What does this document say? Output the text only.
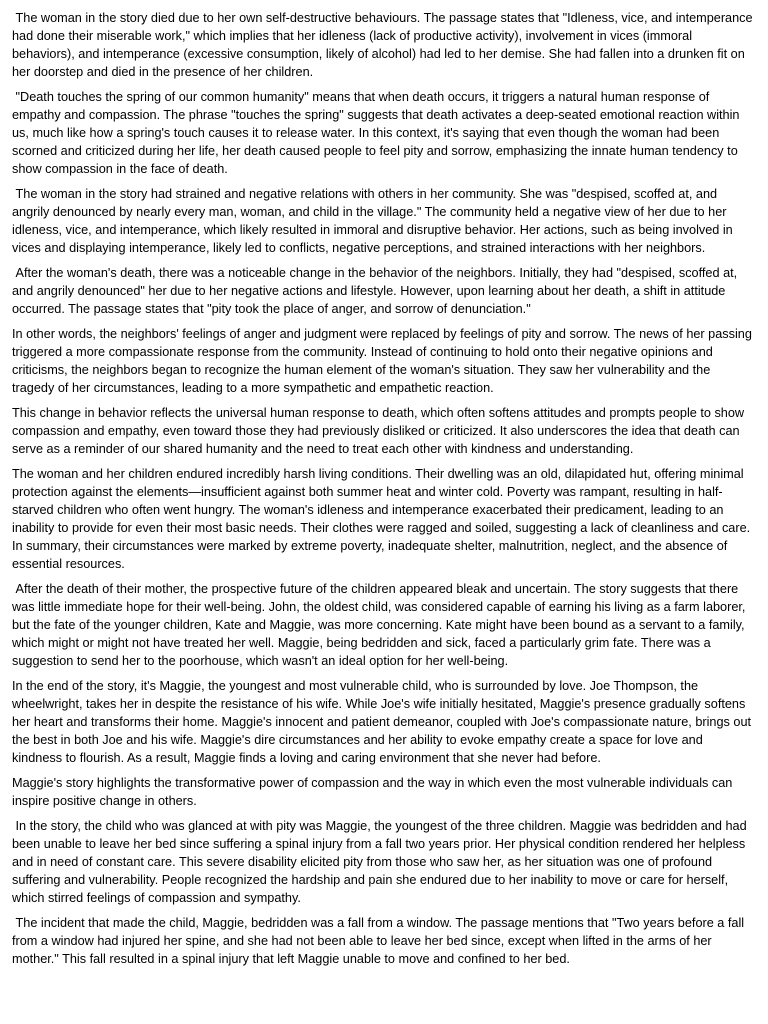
The woman in the story died due to her own self-destructive behaviours. The passage states that "Idleness, vice, and intemperance had done their miserable work," which implies that her idleness (lack of productive activity), involvement in vices (immoral behaviors), and intemperance (excessive consumption, likely of alcohol) had led to her demise. She had fallen into a drunken fit on her doorstep and died in the presence of her children.

"Death touches the spring of our common humanity" means that when death occurs, it triggers a natural human response of empathy and compassion. The phrase "touches the spring" suggests that death activates a deep-seated emotional reaction within us, much like how a spring's touch causes it to release water. In this context, it's saying that even though the woman had been scorned and criticized during her life, her death caused people to feel pity and sorrow, emphasizing the innate human tendency to show compassion in the face of death.

The woman in the story had strained and negative relations with others in her community. She was "despised, scoffed at, and angrily denounced by nearly every man, woman, and child in the village." The community held a negative view of her due to her idleness, vice, and intemperance, which likely resulted in immoral and disruptive behavior. Her actions, such as being involved in vices and displaying intemperance, likely led to conflicts, negative perceptions, and strained interactions with her neighbors.

After the woman's death, there was a noticeable change in the behavior of the neighbors. Initially, they had "despised, scoffed at, and angrily denounced" her due to her negative actions and lifestyle. However, upon learning about her death, a shift in attitude occurred. The passage states that "pity took the place of anger, and sorrow of denunciation."

In other words, the neighbors' feelings of anger and judgment were replaced by feelings of pity and sorrow. The news of her passing triggered a more compassionate response from the community. Instead of continuing to hold onto their negative opinions and criticisms, the neighbors began to recognize the human element of the woman's situation. They saw her vulnerability and the tragedy of her circumstances, leading to a more sympathetic and empathetic reaction.

This change in behavior reflects the universal human response to death, which often softens attitudes and prompts people to show compassion and empathy, even toward those they had previously disliked or criticized. It also underscores the idea that death can serve as a reminder of our shared humanity and the need to treat each other with kindness and understanding.

The woman and her children endured incredibly harsh living conditions. Their dwelling was an old, dilapidated hut, offering minimal protection against the elements—insufficient against both summer heat and winter cold. Poverty was rampant, resulting in half-starved children who often went hungry. The woman's idleness and intemperance exacerbated their predicament, leading to an inability to provide for even their most basic needs. Their clothes were ragged and soiled, suggesting a lack of cleanliness and care. In summary, their circumstances were marked by extreme poverty, inadequate shelter, malnutrition, neglect, and the absence of essential resources.

After the death of their mother, the prospective future of the children appeared bleak and uncertain. The story suggests that there was little immediate hope for their well-being. John, the oldest child, was considered capable of earning his living as a farm laborer, but the fate of the younger children, Kate and Maggie, was more concerning. Kate might have been bound as a servant to a family, which might or might not have treated her well. Maggie, being bedridden and sick, faced a particularly grim fate. There was a suggestion to send her to the poorhouse, which wasn't an ideal option for her well-being.

In the end of the story, it's Maggie, the youngest and most vulnerable child, who is surrounded by love. Joe Thompson, the wheelwright, takes her in despite the resistance of his wife. While Joe's wife initially hesitated, Maggie's presence gradually softens her heart and transforms their home. Maggie's innocent and patient demeanor, coupled with Joe's compassionate nature, brings out the best in both Joe and his wife. Maggie's dire circumstances and her ability to evoke empathy create a space for love and kindness to flourish. As a result, Maggie finds a loving and caring environment that she never had before.

Maggie's story highlights the transformative power of compassion and the way in which even the most vulnerable individuals can inspire positive change in others.

In the story, the child who was glanced at with pity was Maggie, the youngest of the three children. Maggie was bedridden and had been unable to leave her bed since suffering a spinal injury from a fall two years prior. Her physical condition rendered her helpless and in need of constant care. This severe disability elicited pity from those who saw her, as her situation was one of profound suffering and vulnerability. People recognized the hardship and pain she endured due to her inability to move or care for herself, which stirred feelings of compassion and sympathy.

The incident that made the child, Maggie, bedridden was a fall from a window. The passage mentions that "Two years before a fall from a window had injured her spine, and she had not been able to leave her bed since, except when lifted in the arms of her mother." This fall resulted in a spinal injury that left Maggie unable to move and confined to her bed.
